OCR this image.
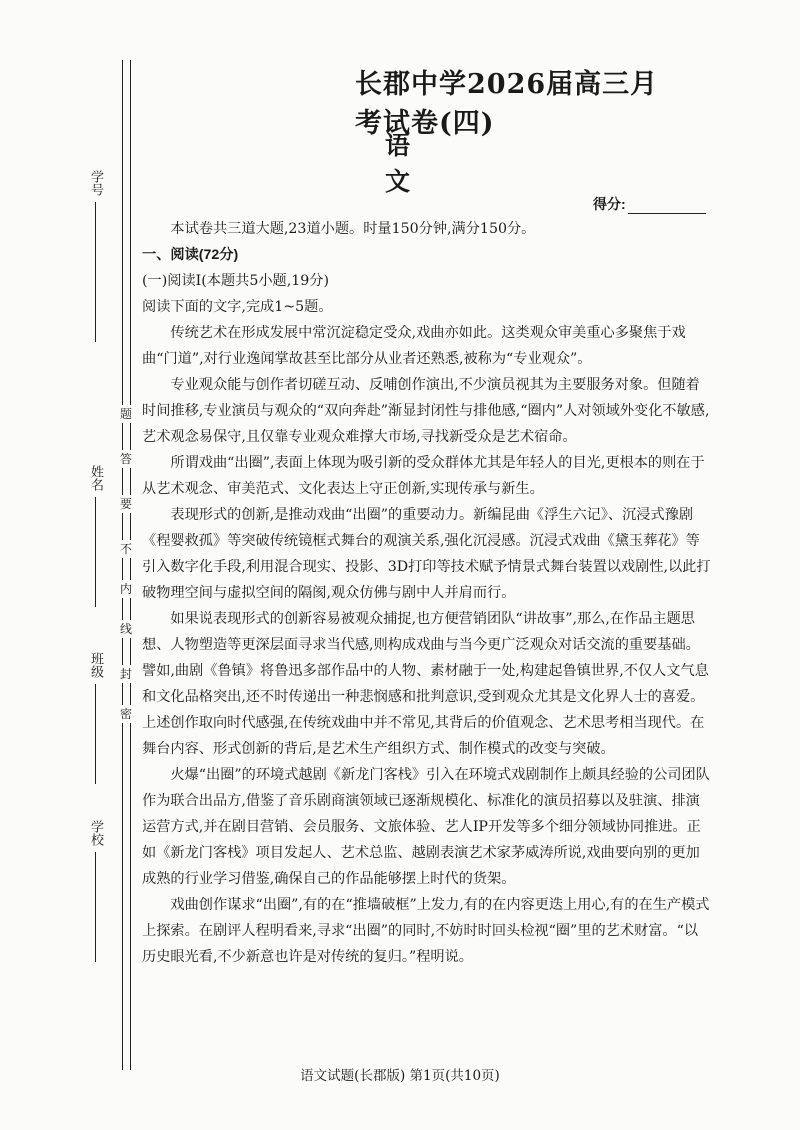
题
答
要
不
内
线
封
密
学号
姓名
班级
学校
长郡中学2026届高三月考试卷(四)
语文
得分:

本试卷共三道大题,23道小题。时量150分钟,满分150分。

一、阅读(72分)

(一)阅读Ⅰ(本题共5小题,19分)

阅读下面的文字,完成1~5题。

传统艺术在形成发展中常沉淀稳定受众,戏曲亦如此。这类观众审美重心多聚焦于戏曲“门道”,对行业逸闻掌故甚至比部分从业者还熟悉,被称为“专业观众”。

专业观众能与创作者切磋互动、反哺创作演出,不少演员视其为主要服务对象。但随着时间推移,专业演员与观众的“双向奔赴”渐显封闭性与排他感,“圈内”人对领域外变化不敏感,艺术观念易保守,且仅靠专业观众难撑大市场,寻找新受众是艺术宿命。

所谓戏曲“出圈”,表面上体现为吸引新的受众群体尤其是年轻人的目光,更根本的则在于从艺术观念、审美范式、文化表达上守正创新,实现传承与新生。

表现形式的创新,是推动戏曲“出圈”的重要动力。新编昆曲《浮生六记》、沉浸式豫剧《程婴救孤》等突破传统镜框式舞台的观演关系,强化沉浸感。沉浸式戏曲《黛玉葬花》等引入数字化手段,利用混合现实、投影、3D打印等技术赋予情景式舞台装置以戏剧性,以此打破物理空间与虚拟空间的隔阂,观众仿佛与剧中人并肩而行。

如果说表现形式的创新容易被观众捕捉,也方便营销团队“讲故事”,那么,在作品主题思想、人物塑造等更深层面寻求当代感,则构成戏曲与当今更广泛观众对话交流的重要基础。譬如,曲剧《鲁镇》将鲁迅多部作品中的人物、素材融于一处,构建起鲁镇世界,不仅人文气息和文化品格突出,还不时传递出一种悲悯感和批判意识,受到观众尤其是文化界人士的喜爱。上述创作取向时代感强,在传统戏曲中并不常见,其背后的价值观念、艺术思考相当现代。在舞台内容、形式创新的背后,是艺术生产组织方式、制作模式的改变与突破。

火爆“出圈”的环境式越剧《新龙门客栈》引入在环境式戏剧制作上颇具经验的公司团队作为联合出品方,借鉴了音乐剧商演领域已逐渐规模化、标准化的演员招募以及驻演、排演运营方式,并在剧目营销、会员服务、文旅体验、艺人IP开发等多个细分领域协同推进。正如《新龙门客栈》项目发起人、艺术总监、越剧表演艺术家茅威涛所说,戏曲要向别的更加成熟的行业学习借鉴,确保自己的作品能够摆上时代的货架。

戏曲创作谋求“出圈”,有的在“推墙破框”上发力,有的在内容更迭上用心,有的在生产模式上探索。在剧评人程明看来,寻求“出圈”的同时,不妨时时回头检视“圈”里的艺术财富。“以历史眼光看,不少新意也许是对传统的复归。”程明说。

语文试题(长郡版) 第1页(共10页)
